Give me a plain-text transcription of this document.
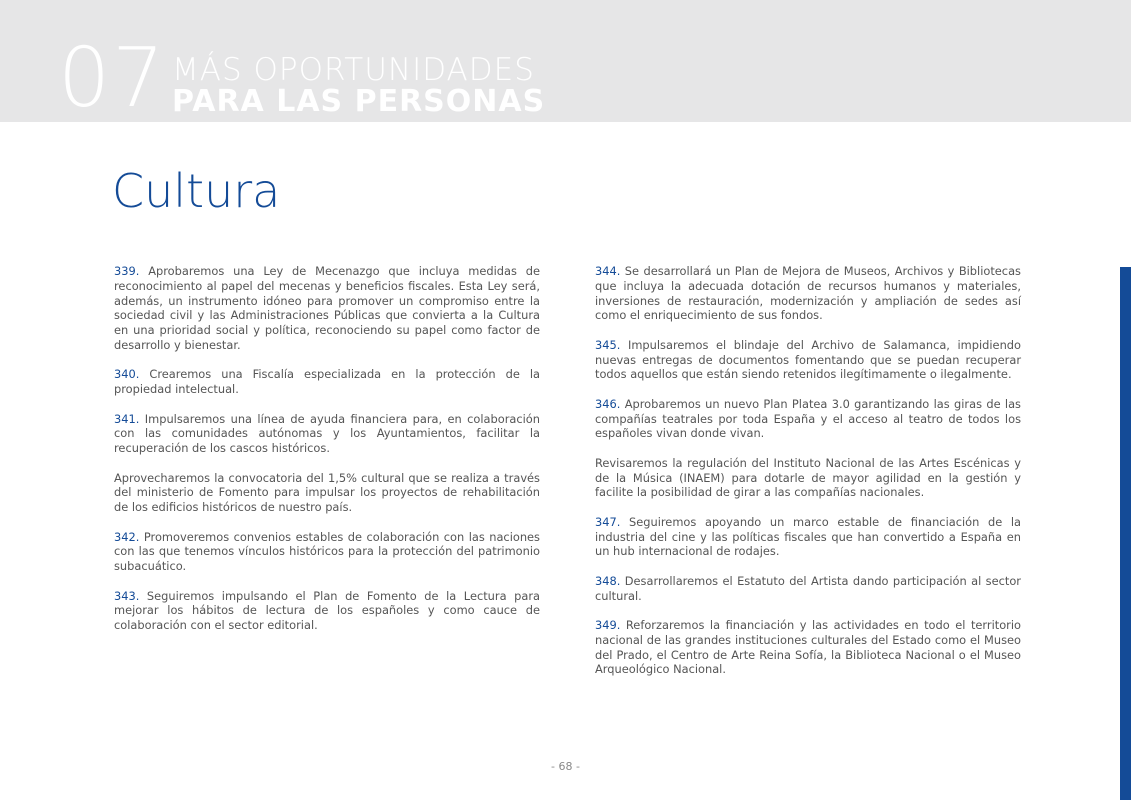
07 MÁS OPORTUNIDADES
PARA LAS PERSONAS
Cultura

339. Aprobaremos una Ley de Mecenazgo que incluya medidas de reconocimiento al papel del mecenas y beneficios fiscales. Esta Ley será, además, un instrumento idóneo para promover un compromiso entre la sociedad civil y las Administraciones Públicas que convierta a la Cultura en una prioridad social y política, reconociendo su papel como factor de desarrollo y bienestar.

340. Crearemos una Fiscalía especializada en la protección de la propiedad intelectual.

341. Impulsaremos una línea de ayuda financiera para, en colaboración con las comunidades autónomas y los Ayuntamientos, facilitar la recuperación de los cascos históricos.

Aprovecharemos la convocatoria del 1,5% cultural que se realiza a través del ministerio de Fomento para impulsar los proyectos de rehabilitación de los edificios históricos de nuestro país.

342. Promoveremos convenios estables de colaboración con las naciones con las que tenemos vínculos históricos para la protección del patrimonio subacuático.

343. Seguiremos impulsando el Plan de Fomento de la Lectura para mejorar los hábitos de lectura de los españoles y como cauce de colaboración con el sector editorial.

344. Se desarrollará un Plan de Mejora de Museos, Archivos y Bibliotecas que incluya la adecuada dotación de recursos humanos y materiales, inversiones de restauración, modernización y ampliación de sedes así como el enriquecimiento de sus fondos.

345. Impulsaremos el blindaje del Archivo de Salamanca, impidiendo nuevas entregas de documentos fomentando que se puedan recuperar todos aquellos que están siendo retenidos ilegítimamente o ilegalmente.

346. Aprobaremos un nuevo Plan Platea 3.0 garantizando las giras de las compañías teatrales por toda España y el acceso al teatro de todos los españoles vivan donde vivan.

Revisaremos la regulación del Instituto Nacional de las Artes Escénicas y de la Música (INAEM) para dotarle de mayor agilidad en la gestión y facilite la posibilidad de girar a las compañías nacionales.

347. Seguiremos apoyando un marco estable de financiación de la industria del cine y las políticas fiscales que han convertido a España en un hub internacional de rodajes.

348. Desarrollaremos el Estatuto del Artista dando participación al sector cultural.

349. Reforzaremos la financiación y las actividades en todo el territorio nacional de las grandes instituciones culturales del Estado como el Museo del Prado, el Centro de Arte Reina Sofía, la Biblioteca Nacional o el Museo Arqueológico Nacional.

- 68 -
